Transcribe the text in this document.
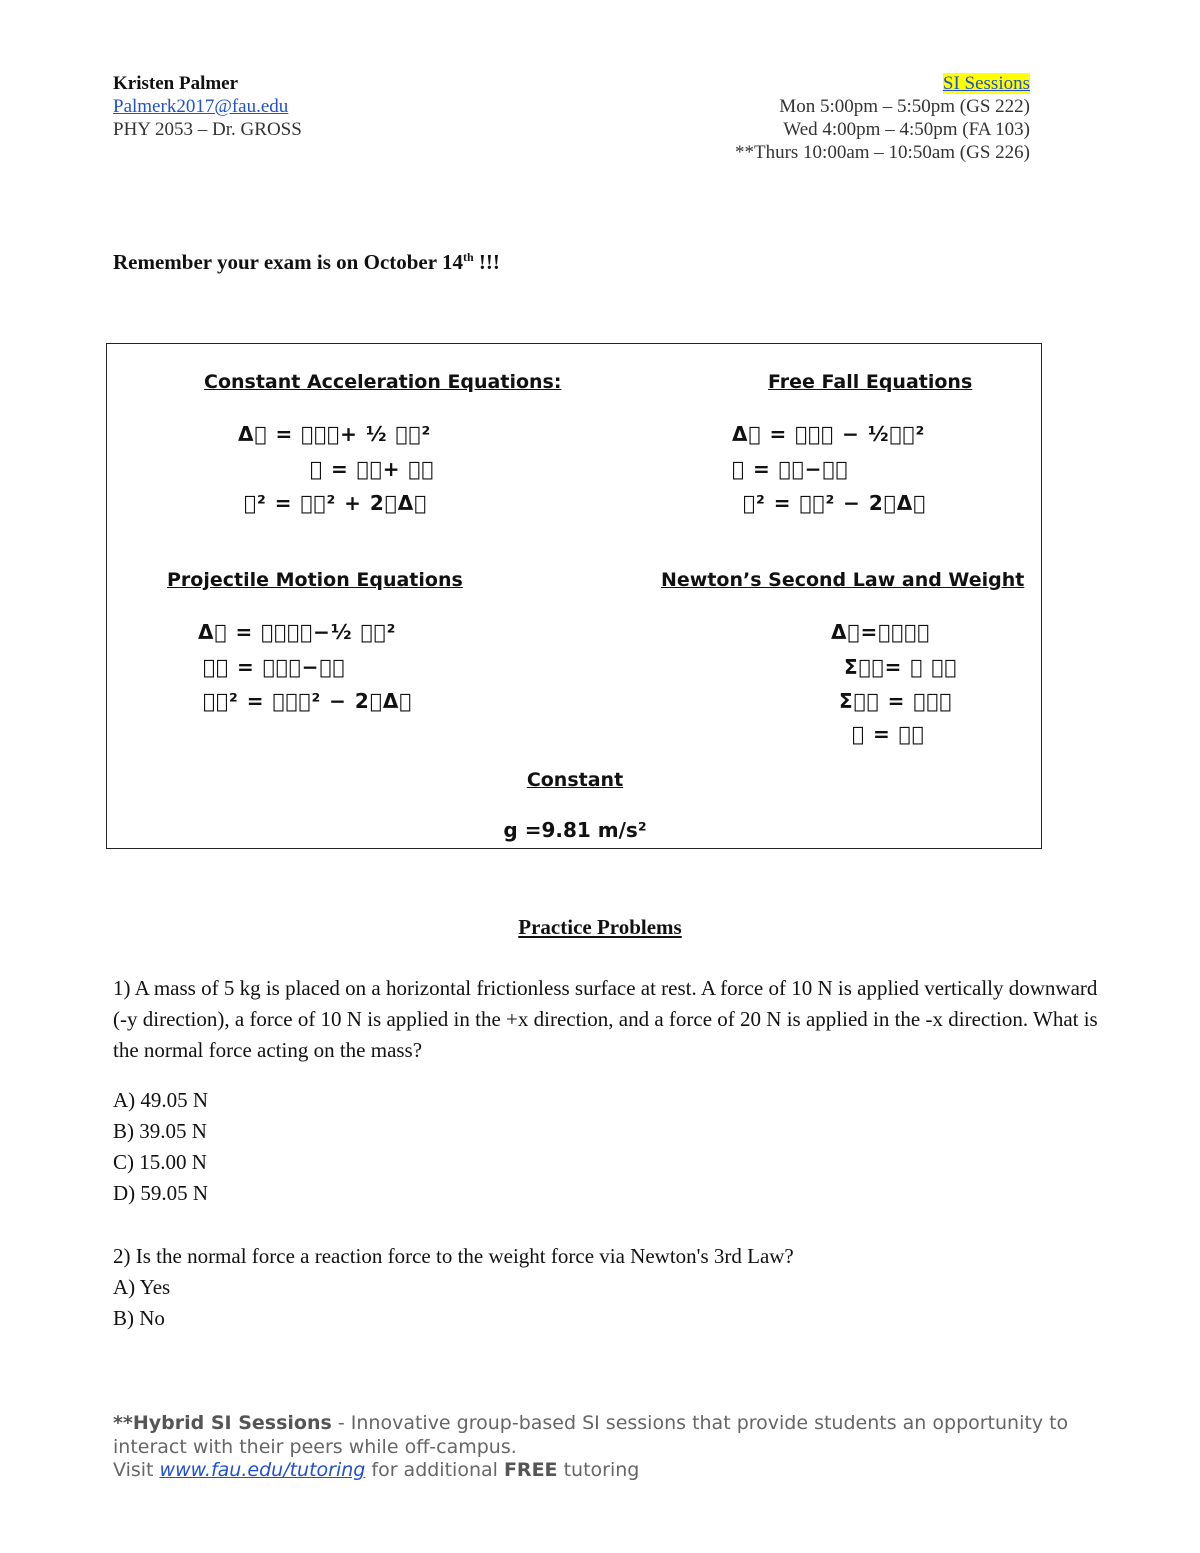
Kristen Palmer
Palmerk2017@fau.edu
PHY 2053 – Dr. GROSS
SI Sessions
Mon 5:00pm – 5:50pm (GS 222)
Wed 4:00pm – 4:50pm (FA 103)
**Thurs 10:00am – 10:50am (GS 226)
Remember your exam is on October 14th !!!
Constant Acceleration Equations:
Δ􏰀 = 􏰁􏰂􏰃+ ½ 􏰄􏰃²
􏰁 = 􏰁􏰂+ 􏰄􏰃
􏰁² = 􏰁􏰂² + 2􏰄Δ􏰀
Free Fall Equations
Δ􏰅 = 􏰁􏰂􏰃 − ½􏰆􏰃²
􏰁 = 􏰁􏰂−􏰆􏰃
􏰁² = 􏰁􏰂² − 2􏰆Δ􏰅
Projectile Motion Equations
Δ􏰅 = 􏰁􏰂􏰇􏰃−½ 􏰆􏰃²
􏰁􏰇 = 􏰁􏰂􏰇−􏰆􏰃
􏰁􏰇² = 􏰁􏰂􏰇² − 2􏰆Δ􏰅
Newton’s Second Law and Weight
Δ􏰀=􏰁􏰂􏰈􏰃
Σ􏰉􏰈= 􏰊 􏰄􏰈
Σ􏰉􏰇 = 􏰊􏰄􏰇
􏰋 = 􏰊􏰆
Constant
g =9.81 m/s²
Practice Problems
1) A mass of 5 kg is placed on a horizontal frictionless surface at rest. A force of 10 N is applied vertically downward (-y direction), a force of 10 N is applied in the +x direction, and a force of 20 N is applied in the -x direction. What is the normal force acting on the mass?
A) 49.05 N
B) 39.05 N
C) 15.00 N
D) 59.05 N
2) Is the normal force a reaction force to the weight force via Newton's 3rd Law?
A) Yes
B) No
**Hybrid SI Sessions - Innovative group-based SI sessions that provide students an opportunity to interact with their peers while off-campus.
Visit www.fau.edu/tutoring for additional FREE tutoring
